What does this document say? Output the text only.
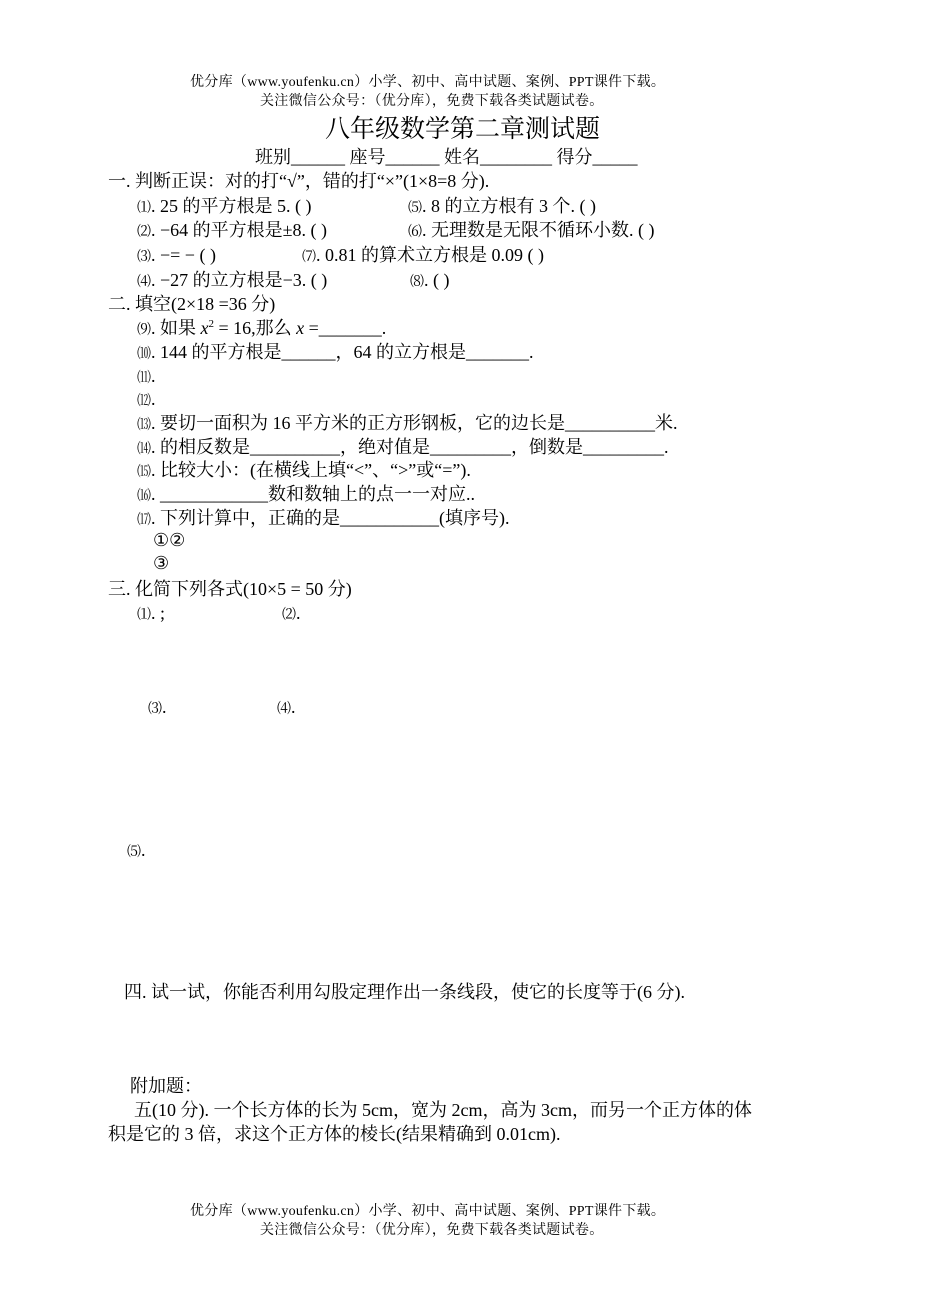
优分库（www.youfenku.cn）小学、初中、高中试题、案例、PPT课件下载。
关注微信公众号：（优分库），免费下载各类试题试卷。
八年级数学第二章测试题
班别______ 座号______ 姓名________ 得分_____
一. 判断正误：对的打“√”，错的打“×”(1×8=8 分).
⑴. 25 的平方根是 5. ( )	⑸. 8 的立方根有 3 个. ( )
⑵. −64 的平方根是±8. ( )	⑹. 无理数是无限不循环小数. ( )
⑶. −= − ( )	⑺. 0.81 的算术立方根是 0.09 ( )
⑷. −27 的立方根是−3. ( )	⑻. ( )
二. 填空(2×18 =36 分)
⑼. 如果 $x^2 = 16$,那么 x =_______.
⑽. 144 的平方根是______，64 的立方根是_______.
⑾.
⑿.
⒀. 要切一面积为 16 平方米的正方形钢板，它的边长是__________米.
⒁. 的相反数是__________，绝对值是_________，倒数是_________.
⒂. 比较大小：(在横线上填“<”、“>”或“=”).
⒃. ____________数和数轴上的点一一对应..
⒄. 下列计算中，正确的是___________(填序号).
①②
③
三. 化简下列各式(10×5 = 50 分)
⑴. ;	⑵.
⑶.	⑷.
⑸.
四. 试一试，你能否利用勾股定理作出一条线段，使它的长度等于(6 分).
附加题：
五(10 分). 一个长方体的长为 5cm，宽为 2cm，高为 3cm，而另一个正方体的体
积是它的 3 倍，求这个正方体的棱长(结果精确到 0.01cm).
优分库（www.youfenku.cn）小学、初中、高中试题、案例、PPT课件下载。
关注微信公众号：（优分库），免费下载各类试题试卷。
